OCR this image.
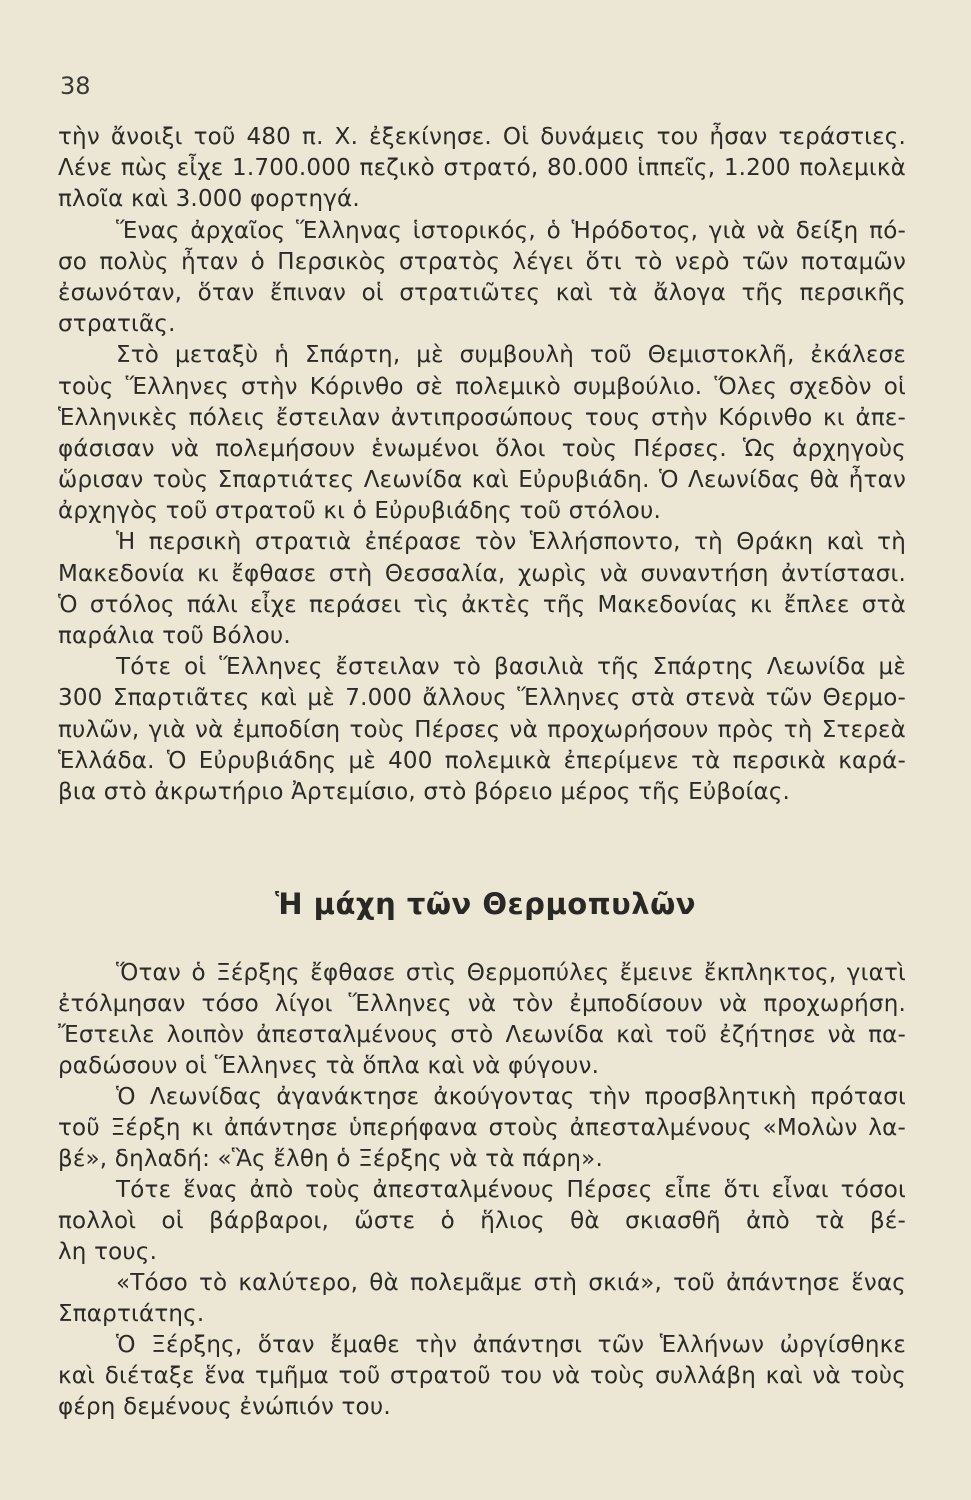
38
τὴν ἄνοιξι τοῦ 480 π. Χ. ἐξεκίνησε. Οἱ δυνάμεις του ἦσαν τεράστιες.
Λένε πὼς εἶχε 1.700.000 πεζικὸ στρατό, 80.000 ἱππεῖς, 1.200 πολεμικὰ
πλοῖα καὶ 3.000 φορτηγά.
Ἕνας ἀρχαῖος Ἕλληνας ἱστορικός, ὁ Ἡρόδοτος, γιὰ νὰ δείξη πό-
σο πολὺς ἦταν ὁ Περσικὸς στρατὸς λέγει ὅτι τὸ νερὸ τῶν ποταμῶν
ἐσωνόταν, ὅταν ἔπιναν οἱ στρατιῶτες καὶ τὰ ἄλογα τῆς περσικῆς
στρατιᾶς.
Στὸ μεταξὺ ἡ Σπάρτη, μὲ συμβουλὴ τοῦ Θεμιστοκλῆ, ἐκάλεσε
τοὺς Ἕλληνες στὴν Κόρινθο σὲ πολεμικὸ συμβούλιο. Ὅλες σχεδὸν οἱ
Ἑλληνικὲς πόλεις ἔστειλαν ἀντιπροσώπους τους στὴν Κόρινθο κι ἀπε-
φάσισαν νὰ πολεμήσουν ἑνωμένοι ὅλοι τοὺς Πέρσες. Ὡς ἀρχηγοὺς
ὥρισαν τοὺς Σπαρτιάτες Λεωνίδα καὶ Εὐρυβιάδη. Ὁ Λεωνίδας θὰ ἦταν
ἀρχηγὸς τοῦ στρατοῦ κι ὁ Εὐρυβιάδης τοῦ στόλου.
Ἡ περσικὴ στρατιὰ ἐπέρασε τὸν Ἑλλήσποντο, τὴ Θράκη καὶ τὴ
Μακεδονία κι ἔφθασε στὴ Θεσσαλία, χωρὶς νὰ συναντήση ἀντίστασι.
Ὁ στόλος πάλι εἶχε περάσει τὶς ἀκτὲς τῆς Μακεδονίας κι ἔπλεε στὰ
παράλια τοῦ Βόλου.
Τότε οἱ Ἕλληνες ἔστειλαν τὸ βασιλιὰ τῆς Σπάρτης Λεωνίδα μὲ
300 Σπαρτιᾶτες καὶ μὲ 7.000 ἄλλους Ἕλληνες στὰ στενὰ τῶν Θερμο-
πυλῶν, γιὰ νὰ ἐμποδίση τοὺς Πέρσες νὰ προχωρήσουν πρὸς τὴ Στερεὰ
Ἑλλάδα. Ὁ Εὐρυβιάδης μὲ 400 πολεμικὰ ἐπερίμενε τὰ περσικὰ καρά-
βια στὸ ἀκρωτήριο Ἀρτεμίσιο, στὸ βόρειο μέρος τῆς Εὐβοίας.
Ἡ μάχη τῶν Θερμοπυλῶν
Ὅταν ὁ Ξέρξης ἔφθασε στὶς Θερμοπύλες ἔμεινε ἔκπληκτος, γιατὶ
ἐτόλμησαν τόσο λίγοι Ἕλληνες νὰ τὸν ἐμποδίσουν νὰ προχωρήση.
Ἔστειλε λοιπὸν ἀπεσταλμένους στὸ Λεωνίδα καὶ τοῦ ἐζήτησε νὰ πα-
ραδώσουν οἱ Ἕλληνες τὰ ὅπλα καὶ νὰ φύγουν.
Ὁ Λεωνίδας ἀγανάκτησε ἀκούγοντας τὴν προσβλητικὴ πρότασι
τοῦ Ξέρξη κι ἀπάντησε ὑπερήφανα στοὺς ἀπεσταλμένους «Μολὼν λα-
βέ», δηλαδή: «Ἃς ἔλθη ὁ Ξέρξης νὰ τὰ πάρη».
Τότε ἕνας ἀπὸ τοὺς ἀπεσταλμένους Πέρσες εἶπε ὅτι εἶναι τόσοι
πολλοὶ οἱ βάρβαροι, ὥστε ὁ ἥλιος θὰ σκιασθῆ ἀπὸ τὰ βέ-
λη τους.
«Τόσο τὸ καλύτερο, θὰ πολεμᾶμε στὴ σκιά», τοῦ ἀπάντησε ἕνας
Σπαρτιάτης.
Ὁ Ξέρξης, ὅταν ἔμαθε τὴν ἀπάντησι τῶν Ἑλλήνων ὠργίσθηκε
καὶ διέταξε ἕνα τμῆμα τοῦ στρατοῦ του νὰ τοὺς συλλάβη καὶ νὰ τοὺς
φέρη δεμένους ἐνώπιόν του.
